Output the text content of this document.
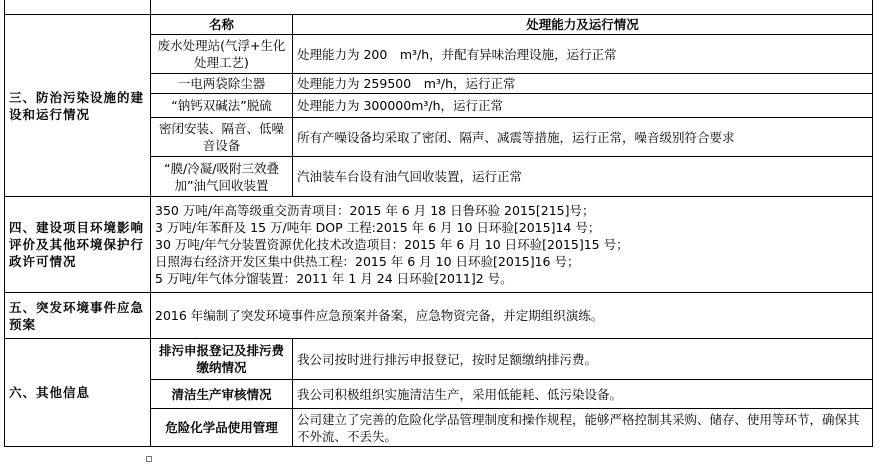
三、防治污染设施的建设和运行情况	名称	处理能力及运行情况
	废水处理站(气浮+生化处理工艺)	处理能力为 200　m³/h，并配有异味治理设施，运行正常
	一电两袋除尘器	处理能力为 259500　m³/h，运行正常
	“钠钙双碱法”脱硫	处理能力为 300000m³/h，运行正常
	密闭安装、隔音、低噪音设备	所有产噪设备均采取了密闭、隔声、减震等措施，运行正常，噪音级别符合要求
	“膜/冷凝/吸附三效叠加”油气回收装置	汽油装车台设有油气回收装置，运行正常
四、建设项目环境影响评价及其他环境保护行政许可情况	350 万吨/年高等级重交沥青项目：2015 年 6 月 18 日鲁环验 2015[215]号；
3 万吨/年苯酐及 15 万/吨年 DOP 工程:2015 年 6 月 10 日环验[2015]14 号；
30 万吨/年气分装置资源优化技术改造项目：2015 年 6 月 10 日环验[2015]15 号；
日照海右经济开发区集中供热工程：2015 年 6 月 10 日环验[2015]16 号；
5 万吨/年气体分馏装置：2011 年 1 月 24 日环验[2011]2 号。	

五、突发环境事件应急预案	2016 年编制了突发环境事件应急预案并备案，应急物资完备，并定期组织演练。	
六、其他信息	排污申报登记及排污费缴纳情况	我公司按时进行排污申报登记，按时足额缴纳排污费。
	清洁生产审核情况	我公司积极组织实施清洁生产，采用低能耗、低污染设备。
	危险化学品使用管理	公司建立了完善的危险化学品管理制度和操作规程，能够严格控制其采购、储存、使用等环节，确保其不外流、不丢失。
